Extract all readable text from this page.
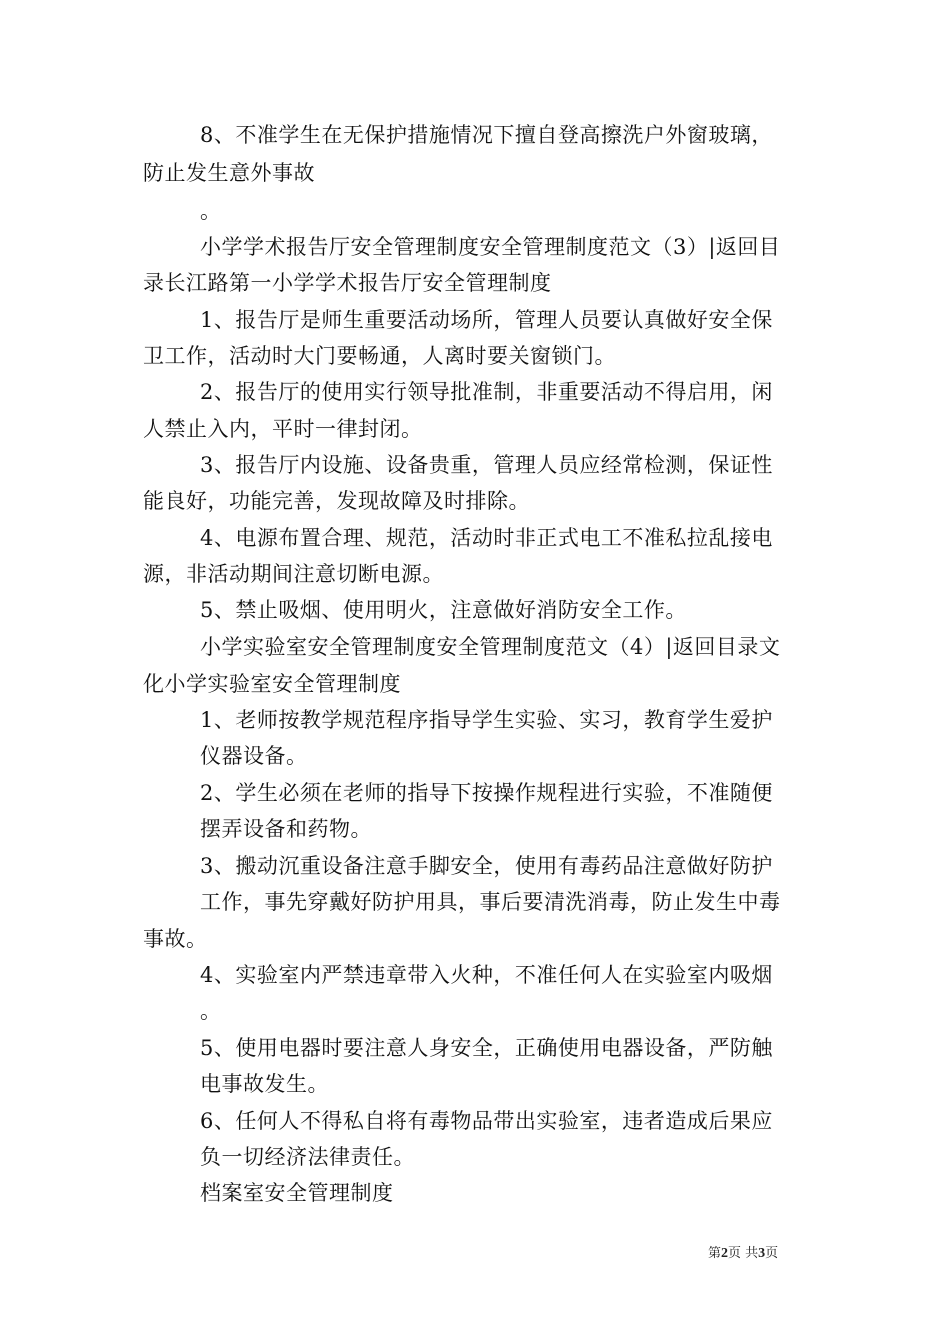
8、不准学生在无保护措施情况下擅自登高擦洗户外窗玻璃，
防止发生意外事故
。
小学学术报告厅安全管理制度安全管理制度范文（3）|返回目
录长江路第一小学学术报告厅安全管理制度
1、报告厅是师生重要活动场所，管理人员要认真做好安全保
卫工作，活动时大门要畅通，人离时要关窗锁门。
2、报告厅的使用实行领导批准制，非重要活动不得启用，闲
人禁止入内，平时一律封闭。
3、报告厅内设施、设备贵重，管理人员应经常检测，保证性
能良好，功能完善，发现故障及时排除。
4、电源布置合理、规范，活动时非正式电工不准私拉乱接电
源，非活动期间注意切断电源。
5、禁止吸烟、使用明火，注意做好消防安全工作。
小学实验室安全管理制度安全管理制度范文（4）|返回目录文
化小学实验室安全管理制度
1、老师按教学规范程序指导学生实验、实习，教育学生爱护
仪器设备。
2、学生必须在老师的指导下按操作规程进行实验，不准随便
摆弄设备和药物。
3、搬动沉重设备注意手脚安全，使用有毒药品注意做好防护
工作，事先穿戴好防护用具，事后要清洗消毒，防止发生中毒
事故。
4、实验室内严禁违章带入火种，不准任何人在实验室内吸烟
。
5、使用电器时要注意人身安全，正确使用电器设备，严防触
电事故发生。
6、任何人不得私自将有毒物品带出实验室，违者造成后果应
负一切经济法律责任。
档案室安全管理制度
第2页 共3页
